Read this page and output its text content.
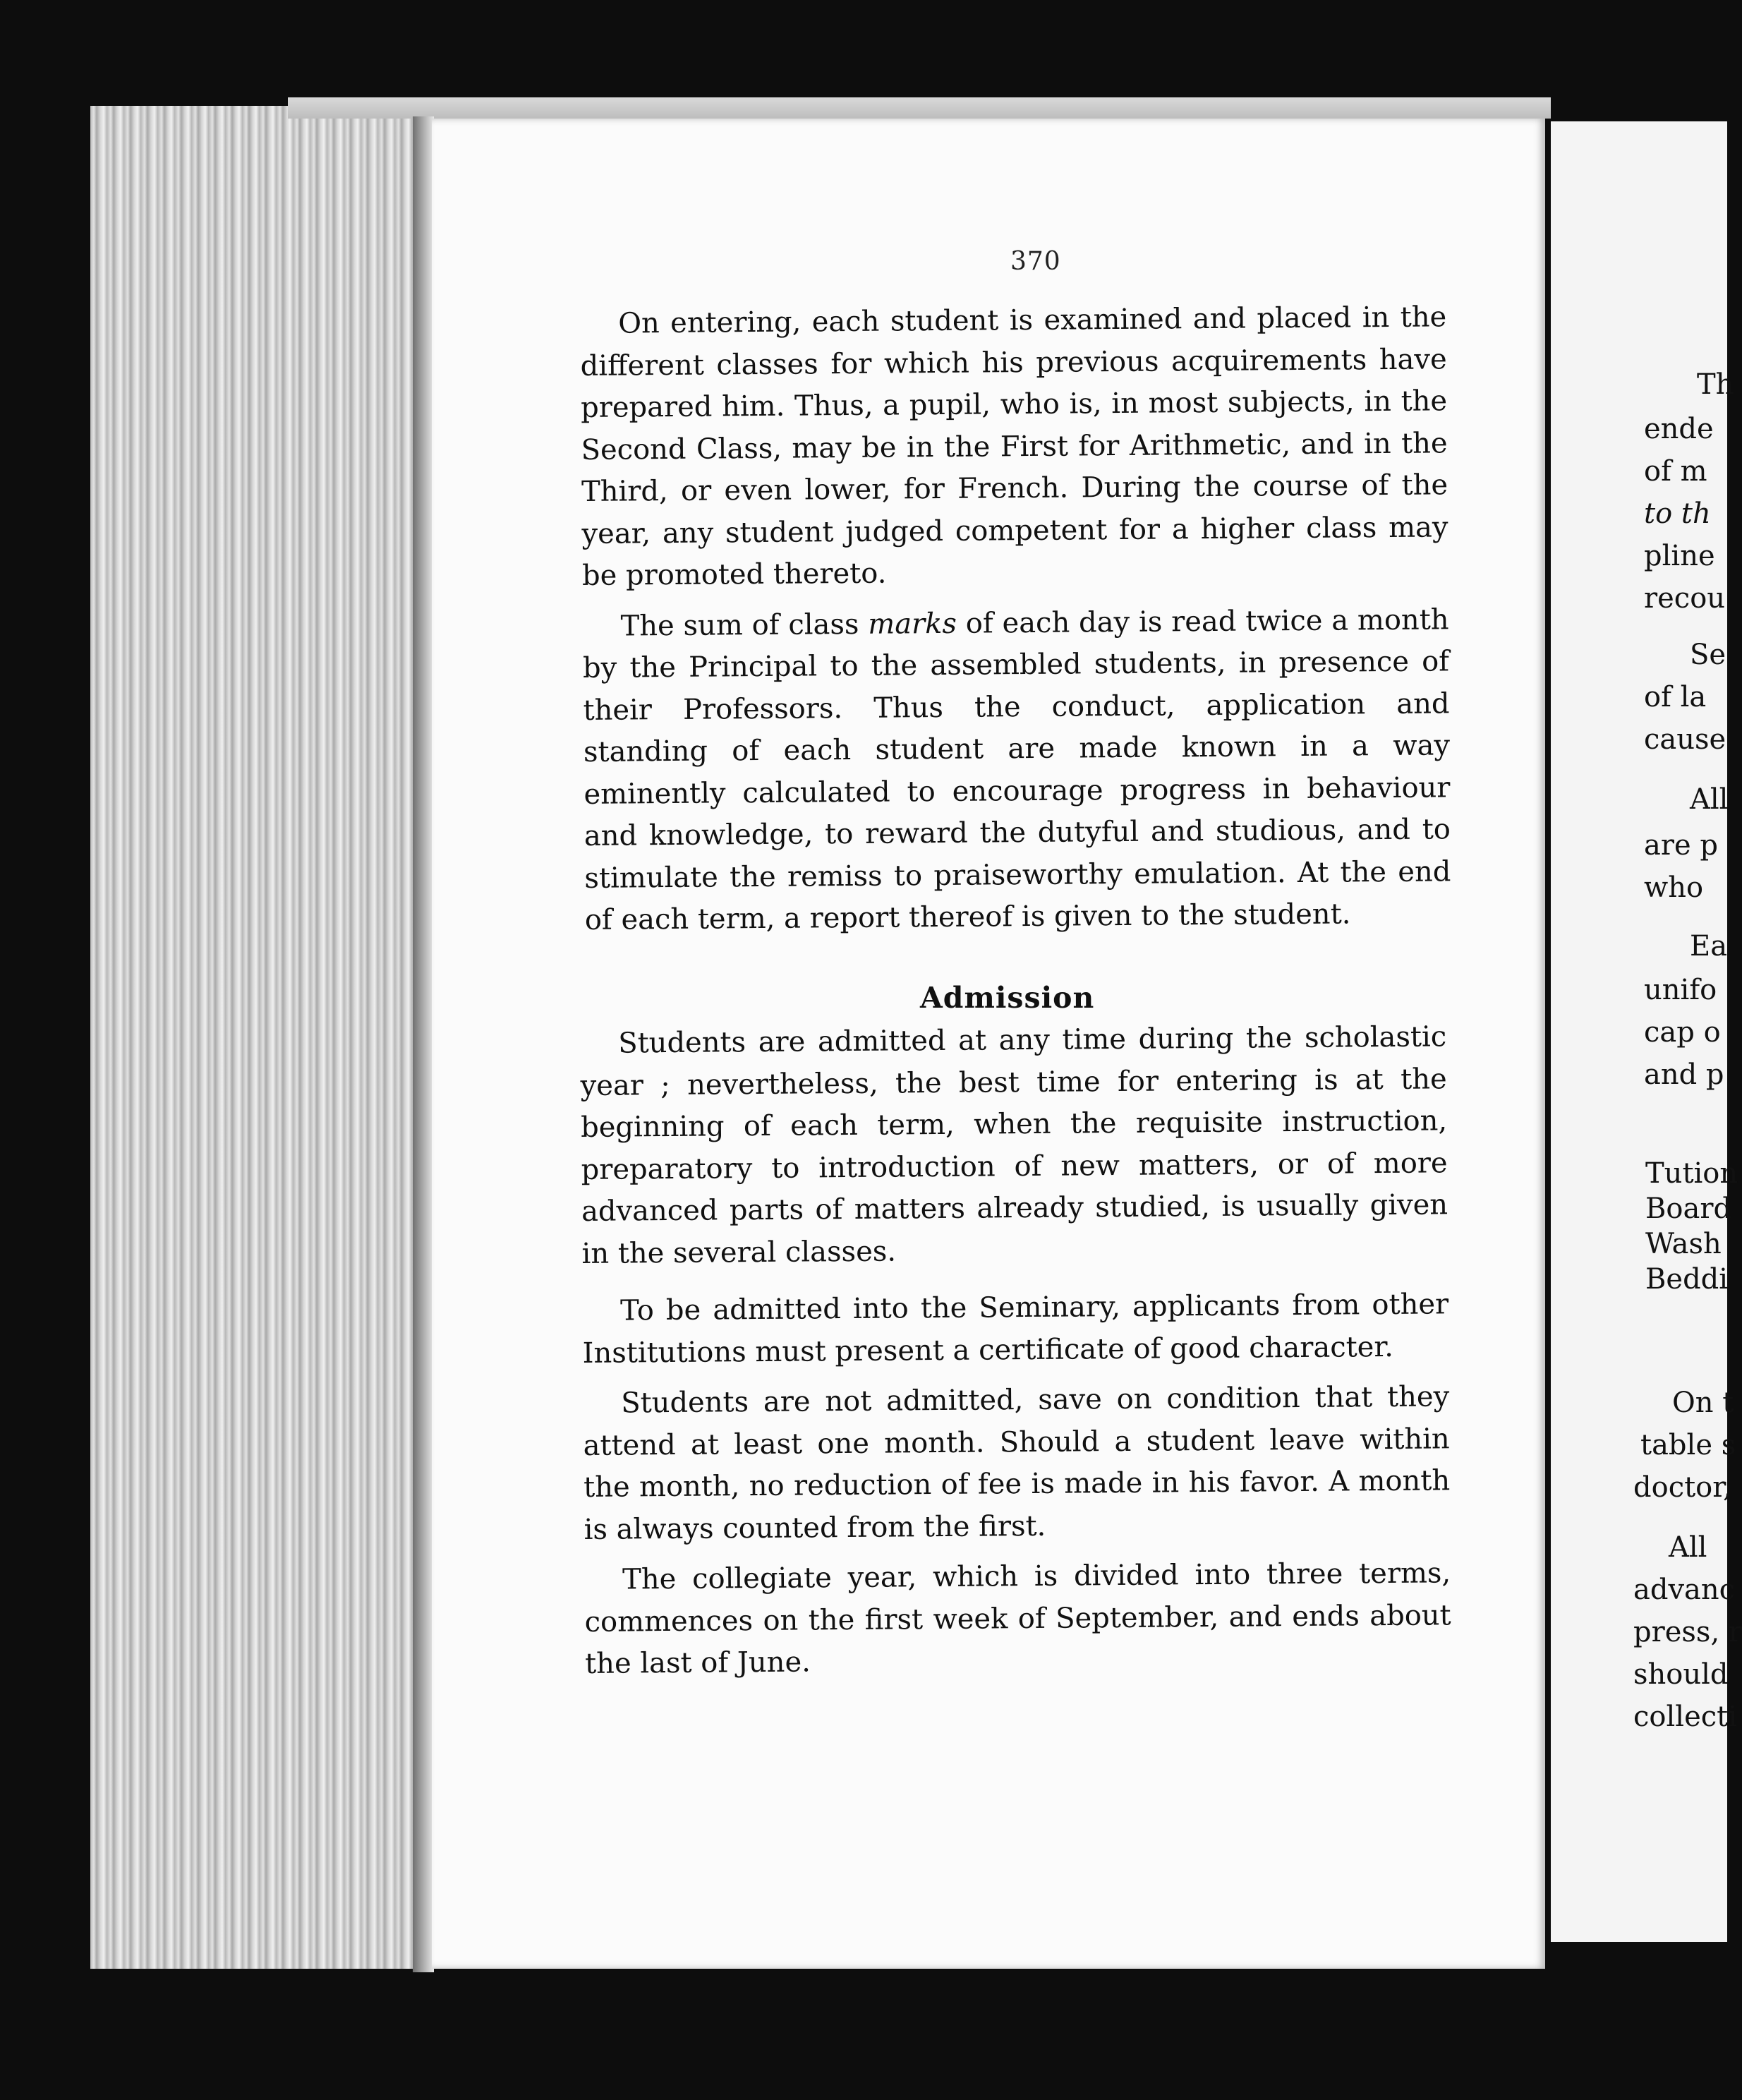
370

On entering, each student is examined and placed in the different classes for which his previous acquirements have prepared him. Thus, a pupil, who is, in most subjects, in the Second Class, may be in the First for Arithmetic, and in the Third, or even lower, for French. During the course of the year, any student judged competent for a higher class may be promoted thereto.

The sum of class marks of each day is read twice a month by the Principal to the assembled students, in presence of their Professors. Thus the conduct, application and standing of each student are made known in a way eminently calculated to encourage progress in behaviour and knowledge, to reward the dutyful and studious, and to stimulate the remiss to praiseworthy emulation. At the end of each term, a report thereof is given to the student.

Admission

Students are admitted at any time during the scholastic year ; nevertheless, the best time for entering is at the beginning of each term, when the requisite instruction, preparatory to introduction of new matters, or of more advanced parts of matters already studied, is usually given in the several classes.

To be admitted into the Seminary, applicants from other Institutions must present a certificate of good character.

Students are not admitted, save on condition that they attend at least one month. Should a student leave within the month, no reduction of fee is made in his favor. A month is always counted from the first.

The collegiate year, which is divided into three terms, commences on the first week of September, and ends about the last of June.

Th
ende
of m
to th
pline
recou
Se
of la
cause
All
are p
who
Ea
unifo
cap o
and p
Tution
Board
Wash
Beddi
On t
table s
doctor,
All
advanc
press, r
should
collecti
